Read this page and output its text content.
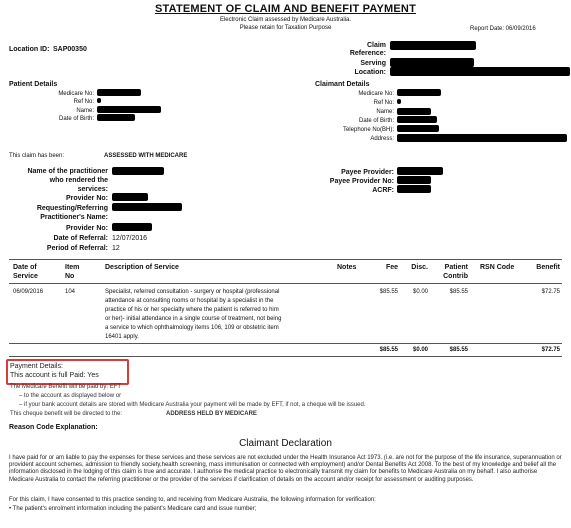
STATEMENT OF CLAIM AND BENEFIT PAYMENT
Electronic Claim assessed by Medicare Australia.
Please retain for Taxation Purpose	Report Date: 06/09/2016
Location ID: SAP00350
Claim
Reference:
Serving
Location:
Patient Details
Medicare No:
Ref No:
Name:
Date of Birth:
Claimant Details
Medicare No:
Ref No:
Name:
Date of Birth:
Telephone No(BH):
Address:
This claim has been:	ASSESSED WITH MEDICARE
Name of the practitioner
who rendered the
services:
Provider No:
Requesting/Referring
Practitioner's Name:
Provider No:
Date of Referral: 12/07/2016
Period of Referral: 12
Payee Provider:
Payee Provider No:
ACRF:
Date of
Service
Item
No
Description of Service	Notes	Fee	Disc.	Patient
Contrib
RSN Code	Benefit
06/09/2016	104	Specialist, referred consultation - surgery or hospital (professional
attendance at consulting rooms or hospital by a specialist in the
practice of his or her specialty where the patient is referred to him
or her)- initial attendance in a single course of treatment, not being
a service to which ophthalmology items 106, 109 or obstetric item
16401 apply.
$85.55	$0.00	$85.55	$72.75
$85.55	$0.00	$85.55	$72.75
Payment Details:
This account is full Paid: Yes
The Medicare Benefit will be paid by: EFT
– to the account as displayed below or
– if your bank account details are stored with Medicare Australia your payment will be made by EFT, if not, a cheque will be issued.
This cheque benefit will be directed to the:	ADDRESS HELD BY MEDICARE
Reason Code Explanation:
Claimant Declaration
I have paid for or am liable to pay the expenses for these services and these services are not excluded under the Health Insurance Act 1973. (i.e. are not for the purpose of the life insurance, superannuation or provident account schemes, admission to friendly society,health screening, mass immunisation or connected with employment) and/or Dental Benefits Act 2008. To the best of my knowledge and belief all the information disclosed in the lodging of this claim is true and accurate. I authorise the medical practice to electronically transmit my claim for benefits to Medicare Australia on my behalf. I also authorise Medicare Australia to contact the referring practitioner or the provider of the services if clarification of details on the account and/or receipt for assessment or auditing purposes.
For this claim, I have consented to this practice sending to, and receiving from Medicare Australia, the following information for verification:
• The patient's enrolment information including the patient's Medicare card and issue number;
